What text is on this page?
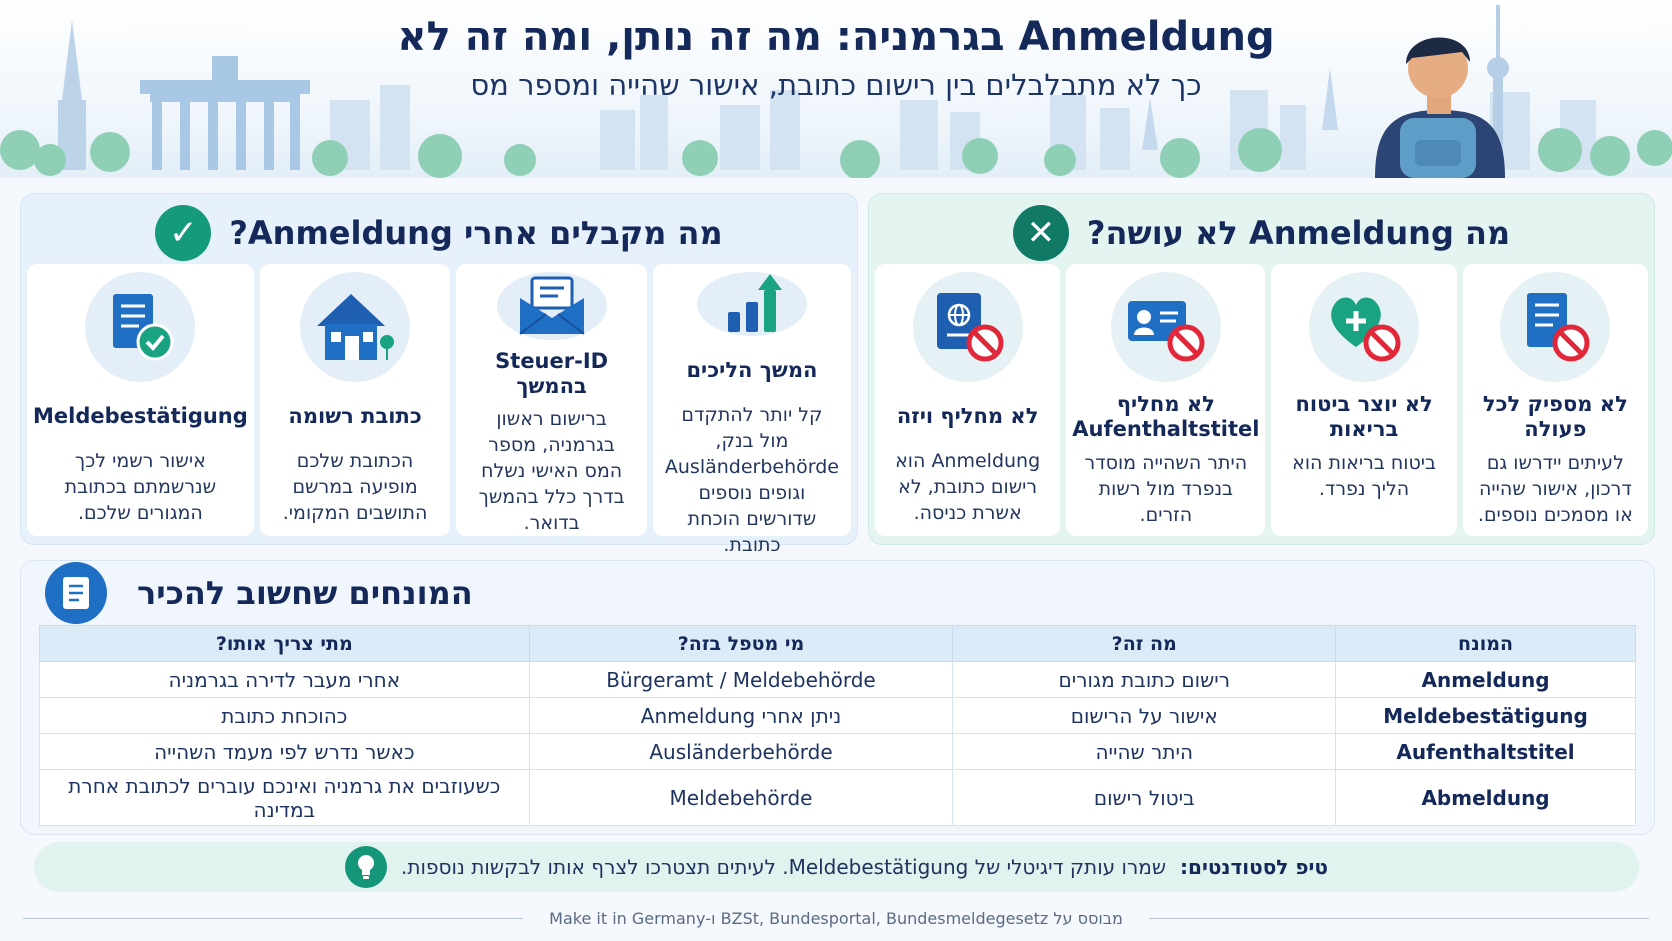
Anmeldung בגרמניה: מה זה נותן, ומה זה לא
כך לא מתבלבלים בין רישום כתובת, אישור שהייה ומספר מס
מה מקבלים אחרי Anmeldung?
✓
המשך הליכים
קל יותר להתקדם מול בנק, Ausländerbehörde וגופים נוספים שדורשים הוכחת כתובת.
Steuer-ID בהמשך
ברישום ראשון בגרמניה, מספר המס האישי נשלח בדרך כלל בהמשך בדואר.
כתובת רשומה
הכתובת שלכם מופיעה במרשם התושבים המקומי.
Meldebestätigung
אישור רשמי לכך שנרשמתם בכתובת המגורים שלכם.
מה Anmeldung לא עושה?
✕
לא מספיק לכל פעולה
לעיתים יידרשו גם דרכון, אישור שהייה או מסמכים נוספים.
לא יוצר ביטוח בריאות
ביטוח בריאות הוא הליך נפרד.
לא מחליף Aufenthaltstitel
היתר השהייה מוסדר בנפרד מול רשות הזרים.
לא מחליף ויזה
Anmeldung הוא רישום כתובת, לא אשרת כניסה.
המונחים שחשוב להכיר
המונח	מה זה?	מי מטפל בזה?	מתי צריך אותו?
Anmeldung	רישום כתובת מגורים	Bürgeramt / Meldebehörde	אחרי מעבר לדירה בגרמניה
Meldebestätigung	אישור על הרישום	ניתן אחרי Anmeldung	כהוכחת כתובת
Aufenthaltstitel	היתר שהייה	Ausländerbehörde	כאשר נדרש לפי מעמד השהייה
Abmeldung	ביטול רישום	Meldebehörde	כשעוזבים את גרמניה ואינכם עוברים לכתובת אחרת במדינה
טיפ לסטודנטים:
שמרו עותק דיגיטלי של Meldebestätigung. לעיתים תצטרכו לצרף אותו לבקשות נוספות.
מבוסס על BZSt, Bundesportal, Bundesmeldegesetz ו-Make it in Germany
